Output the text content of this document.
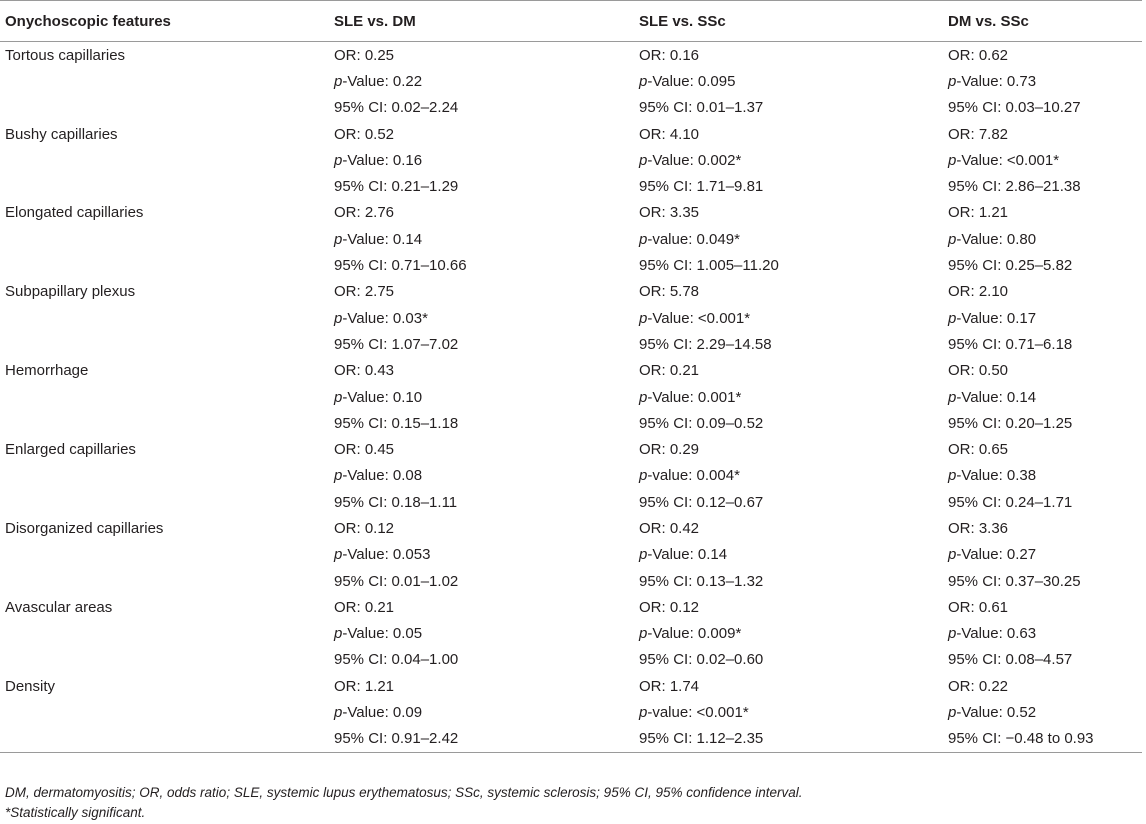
Onychoscopic features	SLE vs. DM	SLE vs. SSc	DM vs. SSc
Tortous capillaries	OR: 0.25	OR: 0.16	OR: 0.62
	p-Value: 0.22	p-Value: 0.095	p-Value: 0.73
	95% CI: 0.02–2.24	95% CI: 0.01–1.37	95% CI: 0.03–10.27
Bushy capillaries	OR: 0.52	OR: 4.10	OR: 7.82
	p-Value: 0.16	p-Value: 0.002*	p-Value: <0.001*
	95% CI: 0.21–1.29	95% CI: 1.71–9.81	95% CI: 2.86–21.38
Elongated capillaries	OR: 2.76	OR: 3.35	OR: 1.21
	p-Value: 0.14	p-value: 0.049*	p-Value: 0.80
	95% CI: 0.71–10.66	95% CI: 1.005–11.20	95% CI: 0.25–5.82
Subpapillary plexus	OR: 2.75	OR: 5.78	OR: 2.10
	p-Value: 0.03*	p-Value: <0.001*	p-Value: 0.17
	95% CI: 1.07–7.02	95% CI: 2.29–14.58	95% CI: 0.71–6.18
Hemorrhage	OR: 0.43	OR: 0.21	OR: 0.50
	p-Value: 0.10	p-Value: 0.001*	p-Value: 0.14
	95% CI: 0.15–1.18	95% CI: 0.09–0.52	95% CI: 0.20–1.25
Enlarged capillaries	OR: 0.45	OR: 0.29	OR: 0.65
	p-Value: 0.08	p-value: 0.004*	p-Value: 0.38
	95% CI: 0.18–1.11	95% CI: 0.12–0.67	95% CI: 0.24–1.71
Disorganized capillaries	OR: 0.12	OR: 0.42	OR: 3.36
	p-Value: 0.053	p-Value: 0.14	p-Value: 0.27
	95% CI: 0.01–1.02	95% CI: 0.13–1.32	95% CI: 0.37–30.25
Avascular areas	OR: 0.21	OR: 0.12	OR: 0.61
	p-Value: 0.05	p-Value: 0.009*	p-Value: 0.63
	95% CI: 0.04–1.00	95% CI: 0.02–0.60	95% CI: 0.08–4.57
Density	OR: 1.21	OR: 1.74	OR: 0.22
	p-Value: 0.09	p-value: <0.001*	p-Value: 0.52
	95% CI: 0.91–2.42	95% CI: 1.12–2.35	95% CI: −0.48 to 0.93
DM, dermatomyositis; OR, odds ratio; SLE, systemic lupus erythematosus; SSc, systemic sclerosis; 95% CI, 95% confidence interval.
*Statistically significant.
